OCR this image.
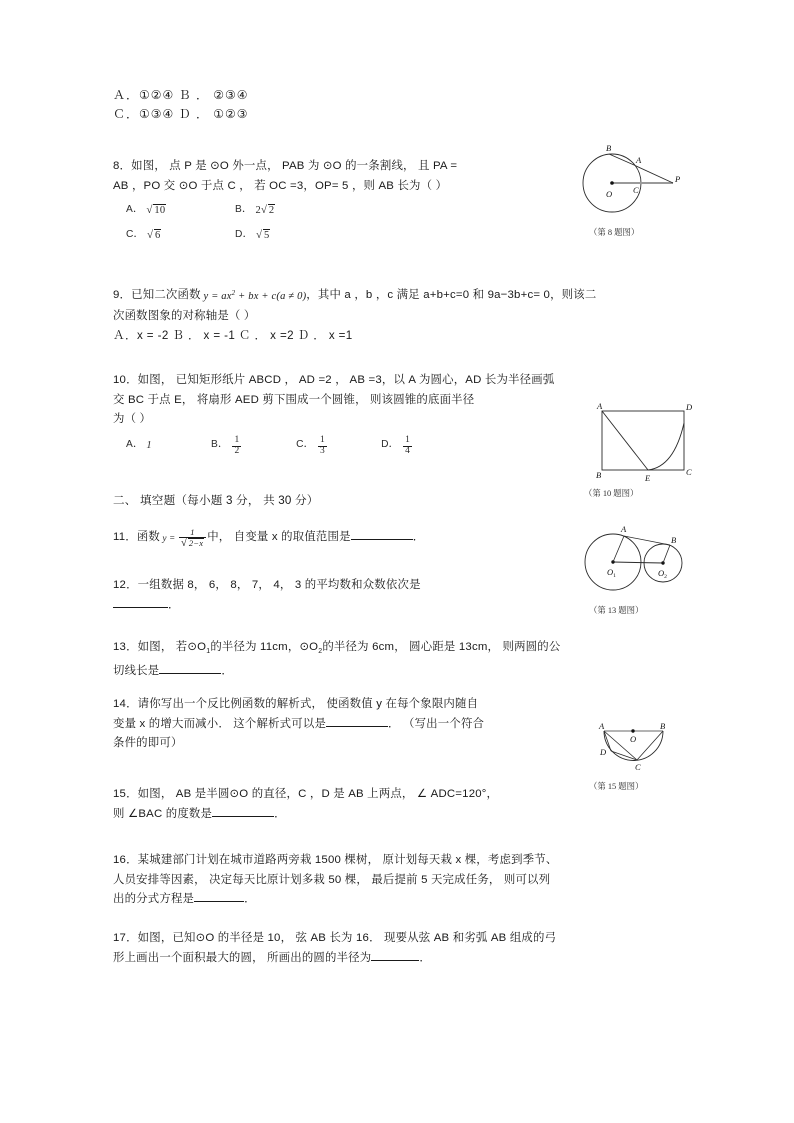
Ａ．①②④ Ｂ ． ②③④
Ｃ．①③④ Ｄ ． ①②③
8．如图， 点 P 是 ⊙O 外一点， PAB 为 ⊙O 的一条割线， 且 PA =
AB ，PO 交 ⊙O 于点 C ， 若 OC =3，OP= 5 ，则 AB 长为（ ）
A． √ 10	B． 2 √ 2
C． √ 6	D． √ 5
O
B
A
P
C
（第 8 题图）
9．已知二次函数 $y = ax^2$ + bx + c(a ≠ 0)，其中 a ，b ，c 满足 a+b+c=0 和 9a−3b+c= 0，则该二
次函数图象的对称轴是（ ）
Ａ．x = -2 Ｂ ． x = -1 Ｃ ． x =2 Ｄ ． x =1
10．如图， 已知矩形纸片 ABCD ， AD =2 ， AB =3，以 A 为圆心，AD 长为半径画弧
交 BC 于点 E， 将扇形 AED 剪下围成一个圆锥， 则该圆锥的底面半径
为（ ）
A． 1	B． $\frac{1}{2}$	C． $\frac{1}{3}$	D． $\frac{1}{4}$
A	D
B	C
E
（第 10 题图）
二、 填空题（每小题 3 分， 共 30 分）
11．函数 y = 1
√ 2−x 中， 自变量 x 的取值范围是	．
12．一组数据 8， 6， 8， 7， 4， 3 的平均数和众数依次是
．
A
B
$O_1$	$O_2$
（第 13 题图）
13．如图， 若$⊙O_1$的半径为 11cm，$⊙O_2$的半径为 6cm， 圆心距是 13cm， 则两圆的公
切线长是	．
14．请你写出一个反比例函数的解析式， 使函数值 y 在每个象限内随自
变量 x 的增大而减小． 这个解析式可以是	． （写出一个符合
条件的即可）
A	B
O
D
C
（第 15 题图）
15．如图， AB 是半圆⊙O 的直径，C ，D 是 AB 上两点， ∠ ADC=120°，
则 ∠BAC 的度数是	．
16．某城建部门计划在城市道路两旁栽 1500 棵树， 原计划每天栽 x 棵，考虑到季节、
人员安排等因素， 决定每天比原计划多栽 50 棵， 最后提前 5 天完成任务， 则可以列
出的分式方程是	．
17．如图，已知⊙O 的半径是 10， 弦 AB 长为 16． 现要从弦 AB 和劣弧 AB 组成的弓
形上画出一个面积最大的圆， 所画出的圆的半径为	．
